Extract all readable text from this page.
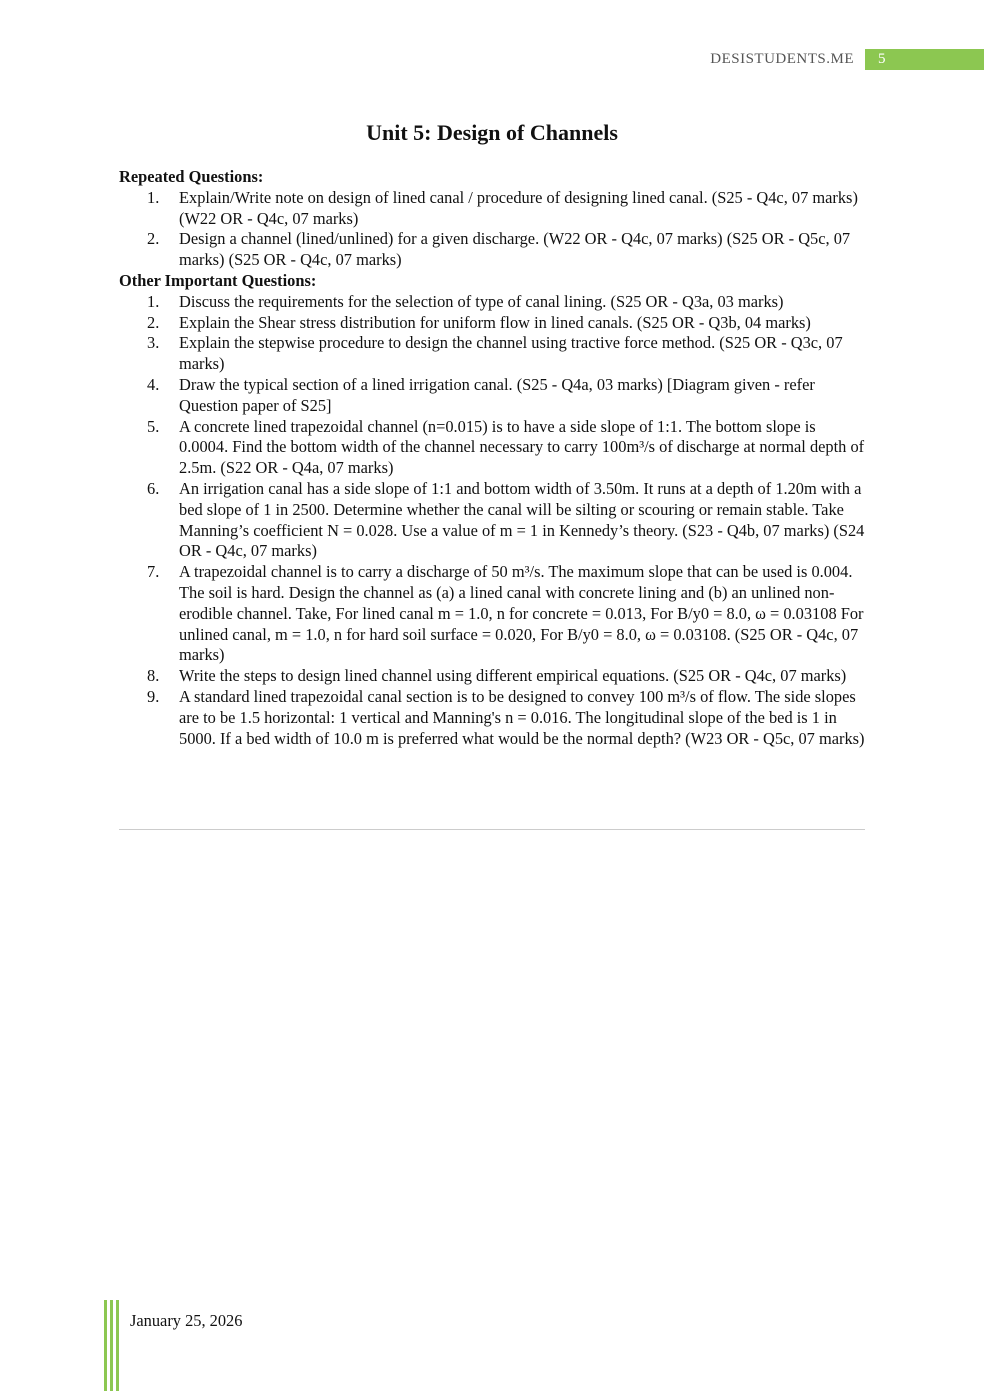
DESISTUDENTS.ME	5
Unit 5: Design of Channels

Repeated Questions:

1. Explain/Write note on design of lined canal / procedure of designing lined canal. (S25 - Q4c, 07 marks) (W22 OR - Q4c, 07 marks)
2. Design a channel (lined/unlined) for a given discharge. (W22 OR - Q4c, 07 marks) (S25 OR - Q5c, 07 marks) (S25 OR - Q4c, 07 marks)

Other Important Questions:

1. Discuss the requirements for the selection of type of canal lining. (S25 OR - Q3a, 03 marks)
2. Explain the Shear stress distribution for uniform flow in lined canals. (S25 OR - Q3b, 04 marks)
3. Explain the stepwise procedure to design the channel using tractive force method. (S25 OR - Q3c, 07 marks)
4. Draw the typical section of a lined irrigation canal. (S25 - Q4a, 03 marks) [Diagram given - refer Question paper of S25]
5. A concrete lined trapezoidal channel (n=0.015) is to have a side slope of 1:1. The bottom slope is 0.0004. Find the bottom width of the channel necessary to carry 100m³/s of discharge at normal depth of 2.5m. (S22 OR - Q4a, 07 marks)
6. An irrigation canal has a side slope of 1:1 and bottom width of 3.50m. It runs at a depth of 1.20m with a bed slope of 1 in 2500. Determine whether the canal will be silting or scouring or remain stable. Take Manning’s coefficient N = 0.028. Use a value of m = 1 in Kennedy’s theory. (S23 - Q4b, 07 marks) (S24 OR - Q4c, 07 marks)
7. A trapezoidal channel is to carry a discharge of 50 m³/s. The maximum slope that can be used is 0.004. The soil is hard. Design the channel as (a) a lined canal with concrete lining and (b) an unlined non-erodible channel. Take, For lined canal m = 1.0, n for concrete = 0.013, For B/y0 = 8.0, ω = 0.03108 For unlined canal, m = 1.0, n for hard soil surface = 0.020, For B/y0 = 8.0, ω = 0.03108. (S25 OR - Q4c, 07 marks)
8. Write the steps to design lined channel using different empirical equations. (S25 OR - Q4c, 07 marks)
9. A standard lined trapezoidal canal section is to be designed to convey 100 m³/s of flow. The side slopes are to be 1.5 horizontal: 1 vertical and Manning's n = 0.016. The longitudinal slope of the bed is 1 in 5000. If a bed width of 10.0 m is preferred what would be the normal depth? (W23 OR - Q5c, 07 marks)
January 25, 2026
